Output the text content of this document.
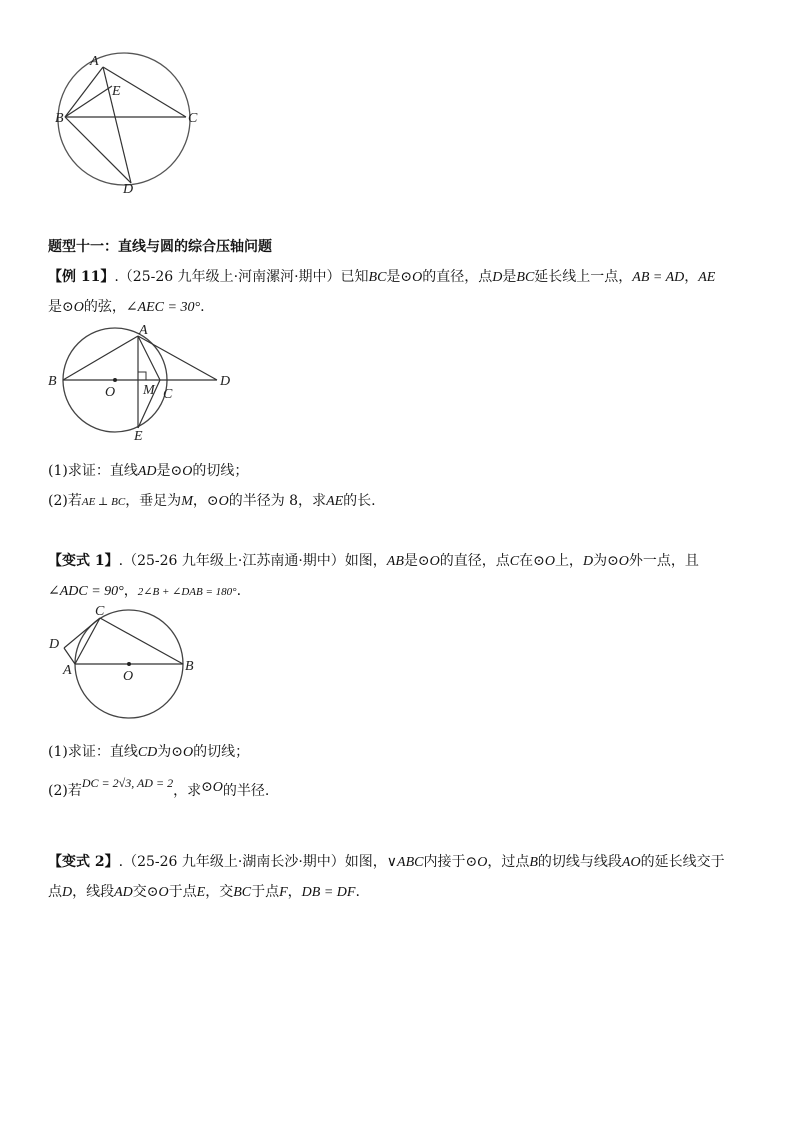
A
E
B	C
D
题型十一：直线与圆的综合压轴问题
【例 11】.（25-26 九年级上·河南漯河·期中）已知BC是⊙O的直径，点D是BC延长线上一点，AB = AD，AE
是⊙O的弦，∠AEC = 30°.
A
B
O M C
D
E
(1)求证：直线AD是⊙O的切线；
(2)若AE ⊥ BC，垂足为M，⊙O的半径为 8，求AE的长.
【变式 1】.（25-26 九年级上·江苏南通·期中）如图，AB是⊙O的直径，点C在⊙O上，D为⊙O外一点，且
∠ADC = 90°，2∠B + ∠DAB = 180°.
C
D
A	O
B
(1)求证：直线CD为⊙O的切线；
(2)若DC = 2√3, AD = 2，求⊙O的半径.
【变式 2】.（25-26 九年级上·湖南长沙·期中）如图，∨ABC内接于⊙O，过点B的切线与线段AO的延长线交于
点D，线段AD交⊙O于点E，交BC于点F，DB = DF.
